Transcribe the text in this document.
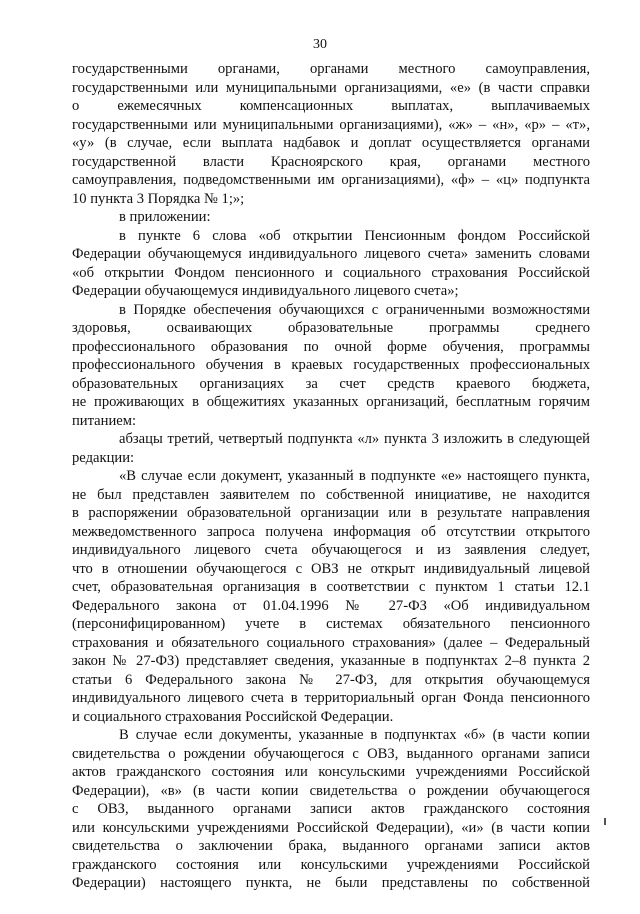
30
государственными органами, органами местного самоуправления,
государственными или муниципальными организациями, «е» (в части справки
о ежемесячных компенсационных выплатах, выплачиваемых
государственными или муниципальными организациями), «ж» – «н», «р» – «т»,
«у» (в случае, если выплата надбавок и доплат осуществляется органами
государственной власти Красноярского края, органами местного
самоуправления, подведомственными им организациями), «ф» – «ц» подпункта
10 пункта 3 Порядка № 1;»;
в приложении:
в пункте 6 слова «об открытии Пенсионным фондом Российской
Федерации обучающемуся индивидуального лицевого счета» заменить словами
«об открытии Фондом пенсионного и социального страхования Российской
Федерации обучающемуся индивидуального лицевого счета»;
в Порядке обеспечения обучающихся с ограниченными возможностями
здоровья, осваивающих образовательные программы среднего
профессионального образования по очной форме обучения, программы
профессионального обучения в краевых государственных профессиональных
образовательных организациях за счет средств краевого бюджета,
не проживающих в общежитиях указанных организаций, бесплатным горячим
питанием:
абзацы третий, четвертый подпункта «л» пункта 3 изложить в следующей
редакции:
«В случае если документ, указанный в подпункте «е» настоящего пункта,
не был представлен заявителем по собственной инициативе, не находится
в распоряжении образовательной организации или в результате направления
межведомственного запроса получена информация об отсутствии открытого
индивидуального лицевого счета обучающегося и из заявления следует,
что в отношении обучающегося с ОВЗ не открыт индивидуальный лицевой
счет, образовательная организация в соответствии с пунктом 1 статьи 12.1
Федерального закона от 01.04.1996 № 27-ФЗ «Об индивидуальном
(персонифицированном) учете в системах обязательного пенсионного
страхования и обязательного социального страхования» (далее – Федеральный
закон № 27-ФЗ) представляет сведения, указанные в подпунктах 2–8 пункта 2
статьи 6 Федерального закона № 27-ФЗ, для открытия обучающемуся
индивидуального лицевого счета в территориальный орган Фонда пенсионного
и социального страхования Российской Федерации.
В случае если документы, указанные в подпунктах «б» (в части копии
свидетельства о рождении обучающегося с ОВЗ, выданного органами записи
актов гражданского состояния или консульскими учреждениями Российской
Федерации), «в» (в части копии свидетельства о рождении обучающегося
с ОВЗ, выданного органами записи актов гражданского состояния
или консульскими учреждениями Российской Федерации), «и» (в части копии
свидетельства о заключении брака, выданного органами записи актов
гражданского состояния или консульскими учреждениями Российской
Федерации) настоящего пункта, не были представлены по собственной
